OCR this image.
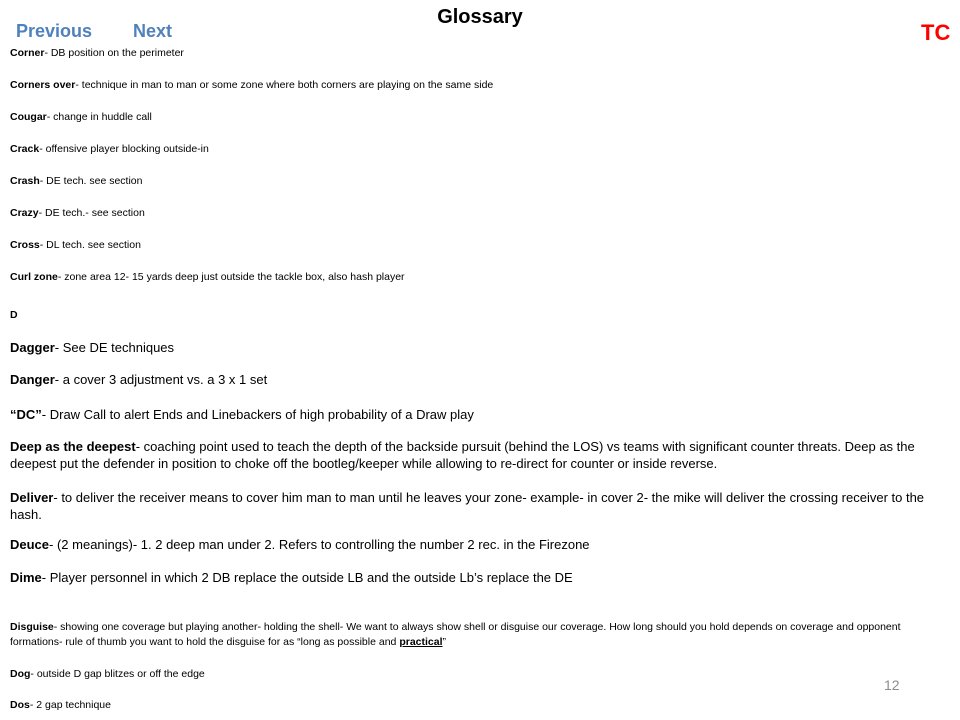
Previous Next
Glossary
TC
Corner- DB position on the perimeter
Corners over- technique in man to man or some zone where both corners are playing on the same side
Cougar- change in huddle call
Crack- offensive player blocking outside-in
Crash- DE tech. see section
Crazy- DE tech.- see section
Cross- DL tech. see section
Curl zone- zone area 12- 15 yards deep just outside the tackle box, also hash player
D
Dagger- See DE techniques
Danger- a cover 3 adjustment vs. a 3 x 1 set
“DC”- Draw Call to alert Ends and Linebackers of high probability of a Draw play
Deep as the deepest- coaching point used to teach the depth of the backside pursuit (behind the LOS) vs teams with significant counter threats. Deep as the deepest put the defender in position to choke off the bootleg/keeper while allowing to re-direct for counter or inside reverse.
Deliver- to deliver the receiver means to cover him man to man until he leaves your zone- example- in cover 2- the mike will deliver the crossing receiver to the hash.
Deuce- (2 meanings)- 1. 2 deep man under 2. Refers to controlling the number 2 rec. in the Firezone
Dime- Player personnel in which 2 DB replace the outside LB and the outside Lb’s replace the DE
Disguise- showing one coverage but playing another- holding the shell- We want to always show shell or disguise our coverage. How long should you hold depends on coverage and opponent formations- rule of thumb you want to hold the disguise for as “long as possible and practical”
Dog- outside D gap blitzes or off the edge
Dos- 2 gap technique
12
